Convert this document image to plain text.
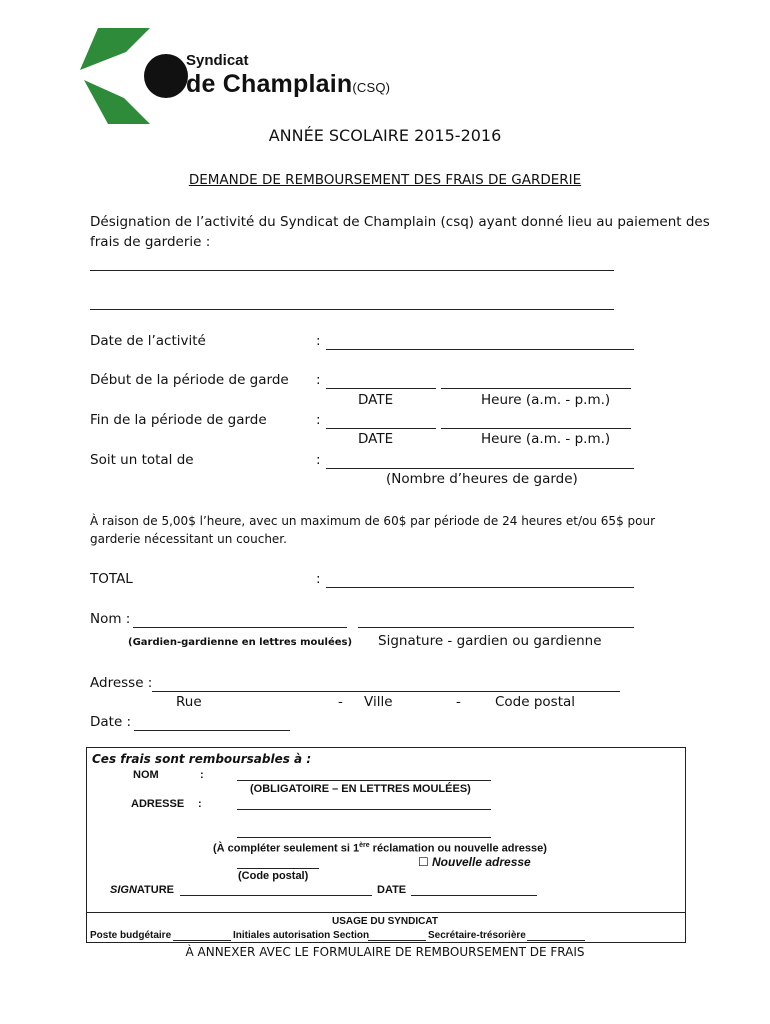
Syndicat
de Champlain(CSQ)
ANNÉE SCOLAIRE 2015-2016
DEMANDE DE REMBOURSEMENT DES FRAIS DE GARDERIE
Désignation de l’activité du Syndicat de Champlain (csq) ayant donné lieu au paiement des
frais de garderie :
Date de l’activité	:
Début de la période de garde :
DATE	Heure (a.m. - p.m.)
Fin de la période de garde	:
DATE	Heure (a.m. - p.m.)
Soit un total de	:
(Nombre d’heures de garde)
À raison de 5,00$ l’heure, avec un maximum de 60$ par période de 24 heures et/ou 65$ pour
garderie nécessitant un coucher.
TOTAL	:
Nom :
(Gardien-gardienne en lettres moulées) Signature - gardien ou gardienne
Adresse :
Rue	- Ville	-	Code postal
Date :
Ces frais sont remboursables à :
NOM	:
(OBLIGATOIRE – EN LETTRES MOULÉES)
ADRESSE :
(À compléter seulement si 1ère réclamation ou nouvelle adresse)
☐ Nouvelle adresse
(Code postal)
SIGNATURE	DATE
USAGE DU SYNDICAT
Poste budgétaire	Initiales autorisation Section	Secrétaire-trésorière
À ANNEXER AVEC LE FORMULAIRE DE REMBOURSEMENT DE FRAIS
